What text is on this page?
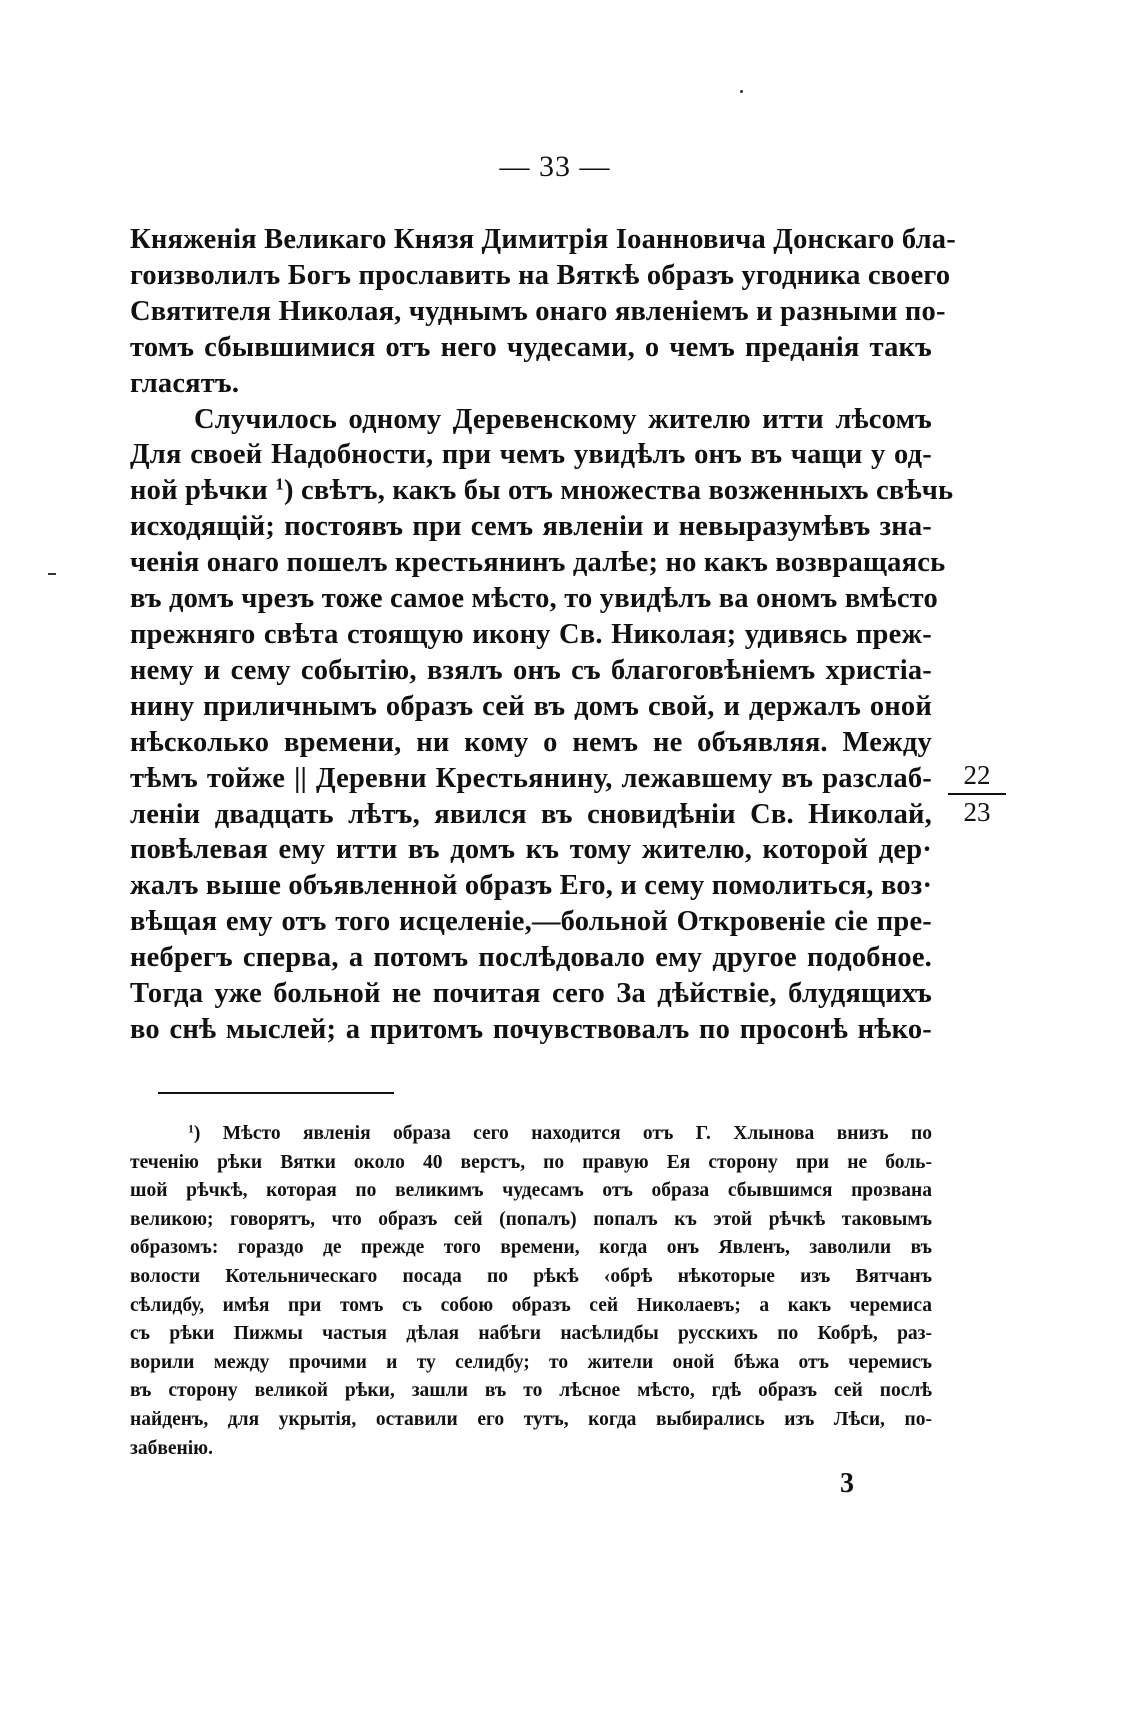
— 33 —
Княженія Великаго Князя Димитрія Іоанновича Донскаго бла-
гоизволилъ Богъ прославить на Вяткѣ образъ угодника своего
Святителя Николая, чуднымъ онаго явленіемъ и разными по-
томъ сбывшимися отъ него чудесами, о чемъ преданія такъ
гласятъ.
Случилось одному Деревенскому жителю итти лѣсомъ
Для своей Надобности, при чемъ увидѣлъ онъ въ чащи у од-
ной рѣчки $^1$) свѣтъ, какъ бы отъ множества возженныхъ свѣчь
исходящій; постоявъ при семъ явленіи и невыразумѣвъ зна-
ченія онаго пошелъ крестьянинъ далѣе; но какъ возвращаясь
въ домъ чрезъ тоже самое мѣсто, то увидѣлъ ва ономъ вмѣсто
прежняго свѣта стоящую икону Св. Николая; удивясь преж-
нему и сему событію, взялъ онъ съ благоговѣніемъ христіа-
нину приличнымъ образъ сей въ домъ свой, и держалъ оной
нѣсколько времени, ни кому о немъ не объявляя. Между
тѣмъ тойже || Деревни Крестьянину, лежавшему въ разслаб-
леніи двадцать лѣтъ, явился въ сновидѣніи Св. Николай,
повѣлевая ему итти въ домъ къ тому жителю, которой дер·
жалъ выше объявленной образъ Его, и сему помолиться, воз·
вѣщая ему отъ того исцеленіе,—больной Откровеніе сіе пре-
небрегъ сперва, а потомъ послѣдовало ему другое подобное.
Тогда уже больной не почитая сего За дѣйствіе, блудящихъ
во снѣ мыслей; а притомъ почувствовалъ по просонѣ нѣко-
22
23
$^1$) Мѣсто явленія образа сего находится отъ Г. Хлынова внизъ по
теченію рѣки Вятки около 40 верстъ, по правую Ея сторону при не боль-
шой рѣчкѣ, которая по великимъ чудесамъ отъ образа сбывшимся прозвана
великою; говорятъ, что образъ сей (попалъ) попалъ къ этой рѣчкѣ таковымъ
образомъ: гораздо де прежде того времени, когда онъ Явленъ, заволили въ
волости Котельническаго посада по рѣкѣ ‹обрѣ нѣкоторые изъ Вятчанъ
сѣлидбу, имѣя при томъ съ собою образъ сей Николаевъ; а какъ черемиса
съ рѣки Пижмы частыя дѣлая набѣги насѣлидбы русскихъ по Кобрѣ, раз-
ворили между прочими и ту селидбу; то жители оной бѣжа отъ черемисъ
въ сторону великой рѣки, зашли въ то лѣсное мѣсто, гдѣ образъ сей послѣ
найденъ, для укрытія, оставили его тутъ, когда выбирались изъ Лѣси, по-
забвенію.
3
